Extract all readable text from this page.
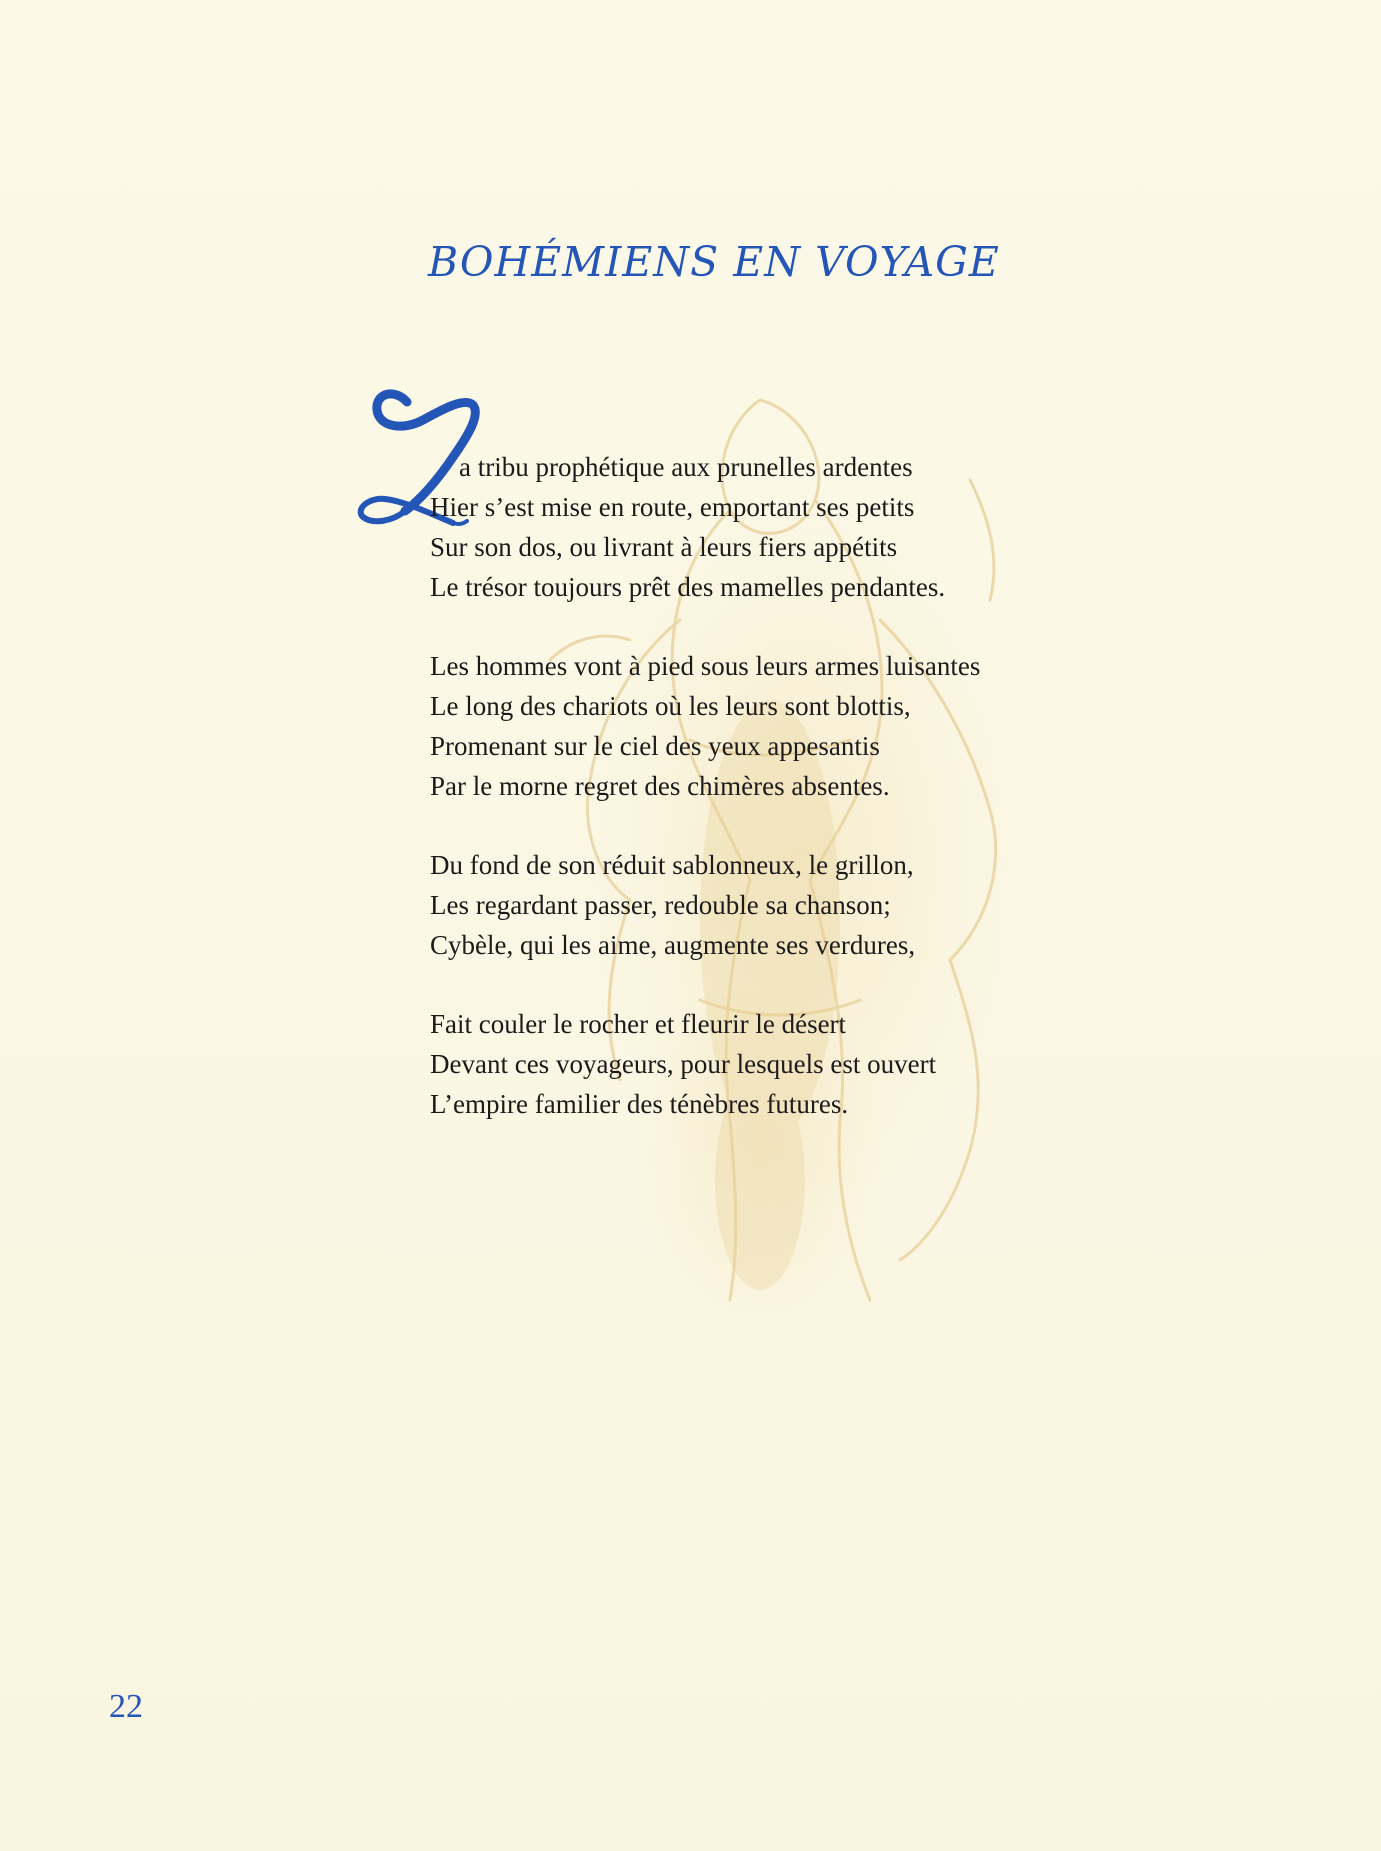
BOHÉMIENS EN VOYAGE
a tribu prophétique aux prunelles ardentes
Hier s’est mise en route, emportant ses petits
Sur son dos, ou livrant à leurs fiers appétits
Le trésor toujours prêt des mamelles pendantes.
Les hommes vont à pied sous leurs armes luisantes
Le long des chariots où les leurs sont blottis,
Promenant sur le ciel des yeux appesantis
Par le morne regret des chimères absentes.
Du fond de son réduit sablonneux, le grillon,
Les regardant passer, redouble sa chanson;
Cybèle, qui les aime, augmente ses verdures,
Fait couler le rocher et fleurir le désert
Devant ces voyageurs, pour lesquels est ouvert
L’empire familier des ténèbres futures.
22
